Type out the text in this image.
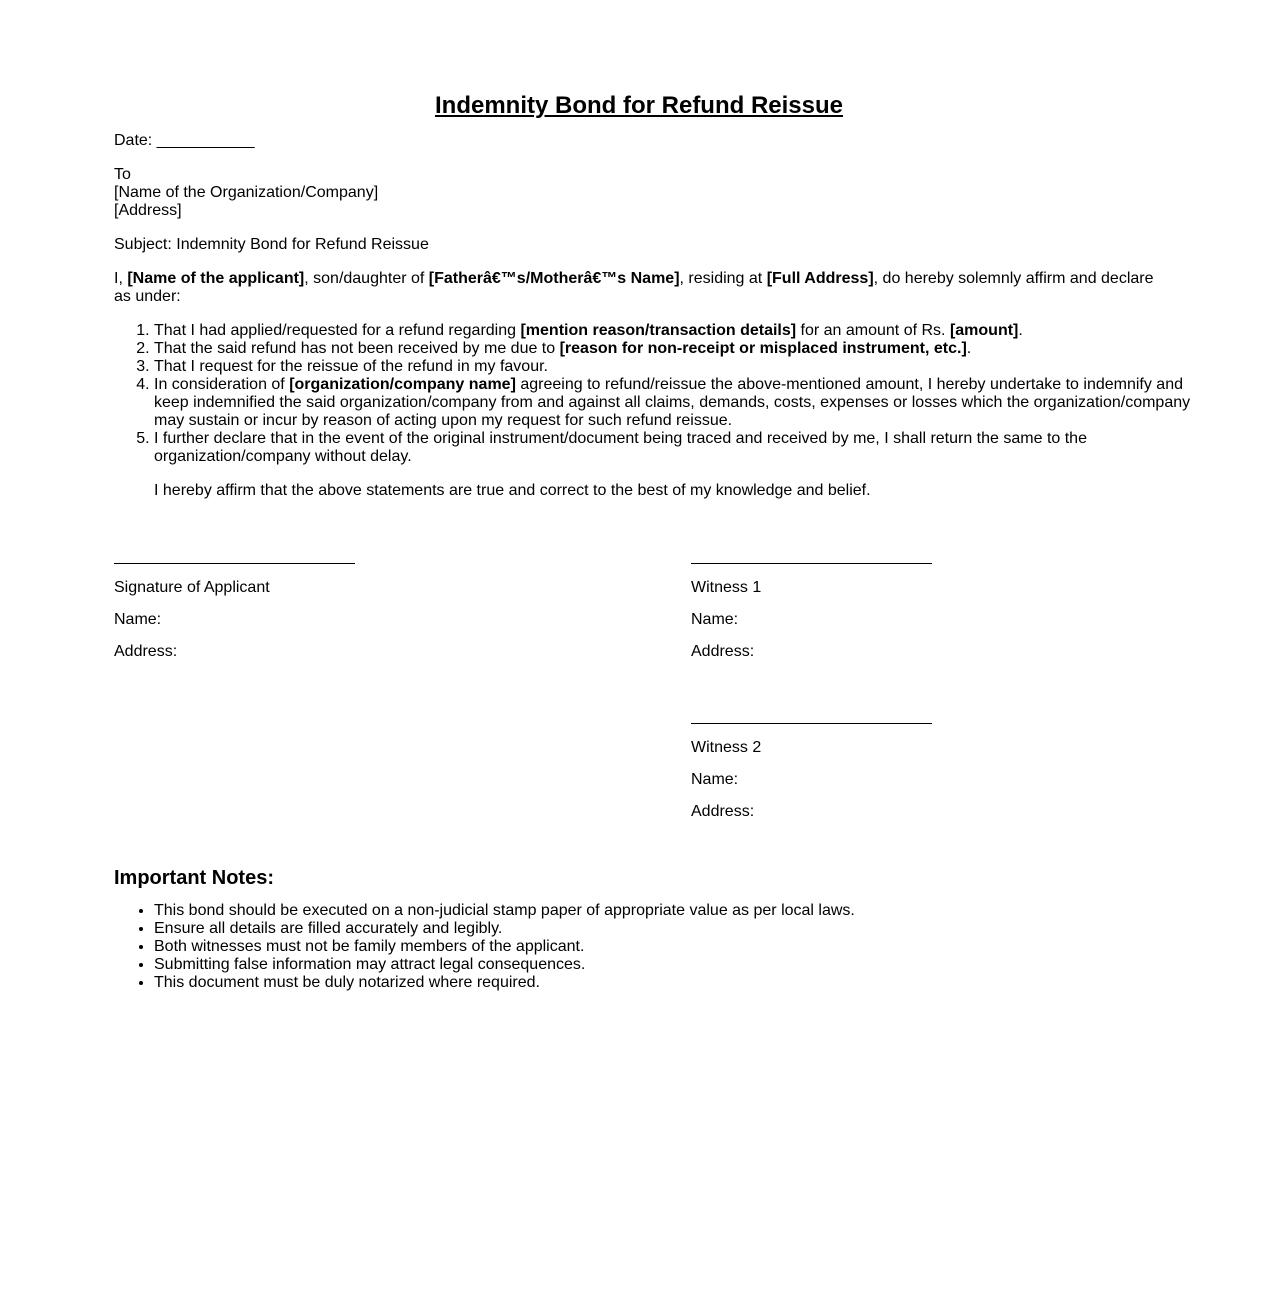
Indemnity Bond for Refund Reissue

Date: ___________

To
[Name of the Organization/Company]
[Address]

Subject: Indemnity Bond for Refund Reissue

I, [Name of the applicant], son/daughter of [Fatherâ€™s/Motherâ€™s Name], residing at [Full Address], do hereby solemnly affirm and declare as under:

1. That I had applied/requested for a refund regarding [mention reason/transaction details] for an amount of Rs. [amount].
2. That the said refund has not been received by me due to [reason for non-receipt or misplaced instrument, etc.].
3. That I request for the reissue of the refund in my favour.
4. In consideration of [organization/company name] agreeing to refund/reissue the above-mentioned amount, I hereby undertake to indemnify and keep indemnified the said organization/company from and against all claims, demands, costs, expenses or losses which the organization/company may sustain or incur by reason of acting upon my request for such refund reissue.
5. I further declare that in the event of the original instrument/document being traced and received by me, I shall return the same to the organization/company without delay.

I hereby affirm that the above statements are true and correct to the best of my knowledge and belief.

Signature of Applicant

Name:

Address:

Witness 1

Name:

Address:

Witness 2

Name:

Address:

Important Notes:
• This bond should be executed on a non-judicial stamp paper of appropriate value as per local laws.
• Ensure all details are filled accurately and legibly.
• Both witnesses must not be family members of the applicant.
• Submitting false information may attract legal consequences.
• This document must be duly notarized where required.
